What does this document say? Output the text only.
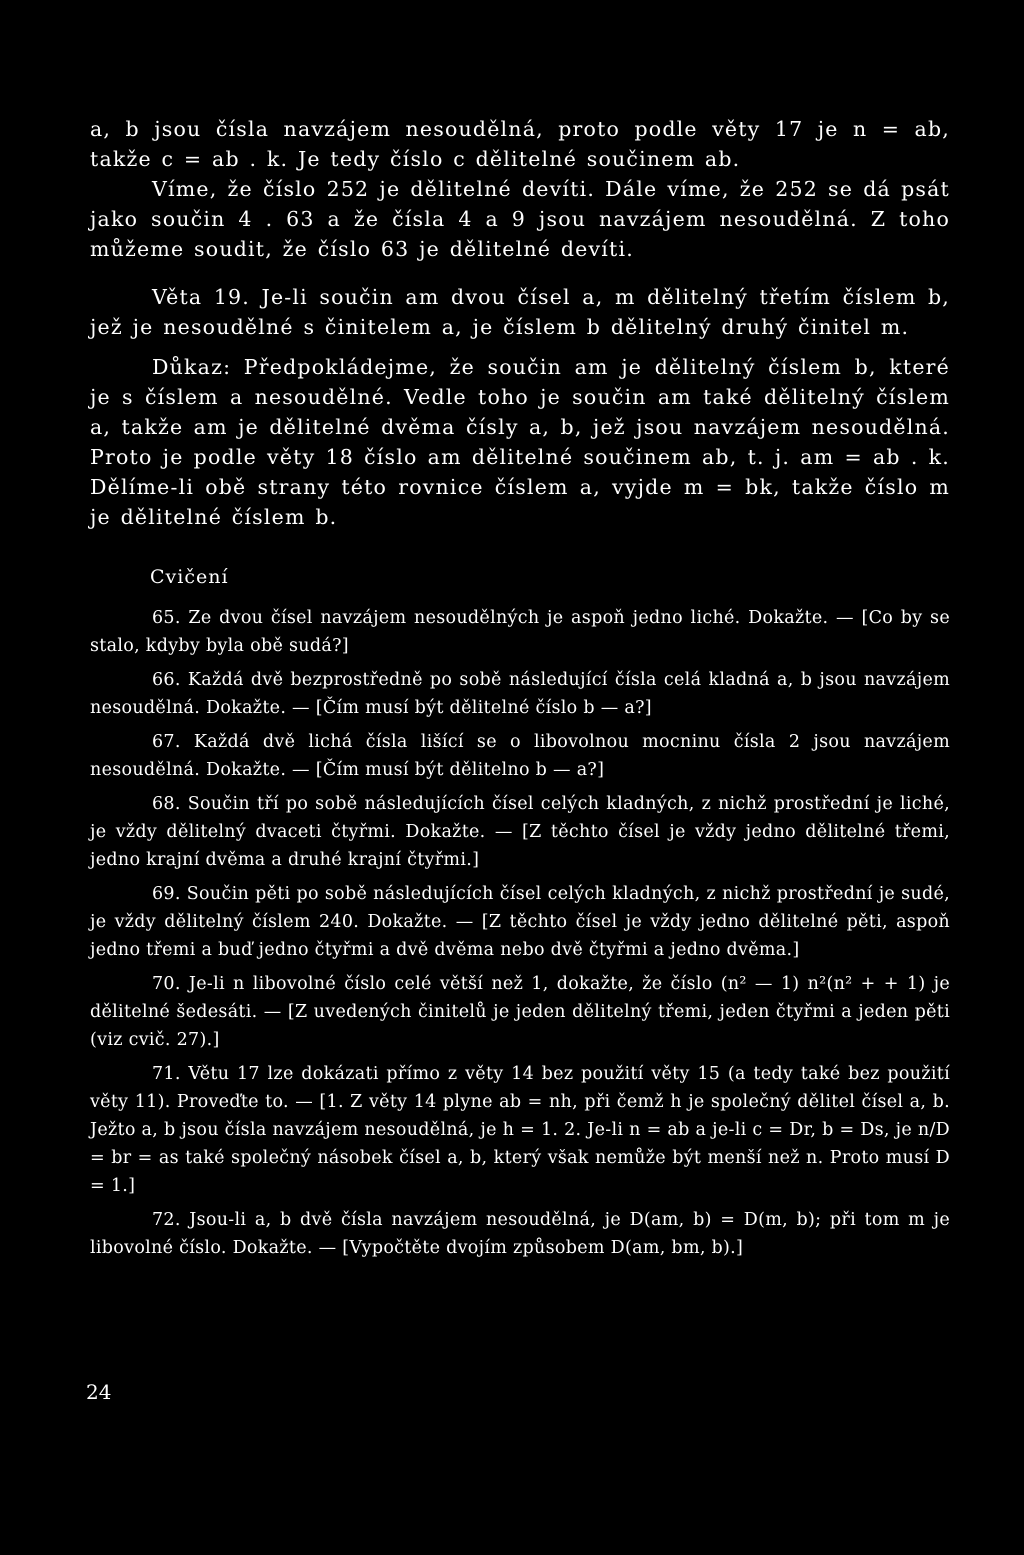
a, b jsou čísla navzájem nesoudělná, proto podle věty 17 je n = ab, takže c = ab . k. Je tedy číslo c dělitelné součinem ab.

Víme, že číslo 252 je dělitelné devíti. Dále víme, že 252 se dá psát jako součin 4 . 63 a že čísla 4 a 9 jsou navzájem nesoudělná. Z toho můžeme soudit, že číslo 63 je dělitelné devíti.

Věta 19. Je-li součin am dvou čísel a, m dělitelný třetím číslem b, jež je nesoudělné s činitelem a, je číslem b dělitelný druhý činitel m.

Důkaz: Předpokládejme, že součin am je dělitelný číslem b, které je s číslem a nesoudělné. Vedle toho je součin am také dělitelný číslem a, takže am je dělitelné dvěma čísly a, b, jež jsou navzájem nesoudělná. Proto je podle věty 18 číslo am dělitelné součinem ab, t. j. am = ab . k. Dělíme-li obě strany této rovnice číslem a, vyjde m = bk, takže číslo m je dělitelné číslem b.

Cvičení

65. Ze dvou čísel navzájem nesoudělných je aspoň jedno liché. Dokažte. — [Co by se stalo, kdyby byla obě sudá?]

66. Každá dvě bezprostředně po sobě následující čísla celá kladná a, b jsou navzájem nesoudělná. Dokažte. — [Čím musí být dělitelné číslo b — a?]

67. Každá dvě lichá čísla lišící se o libovolnou mocninu čísla 2 jsou navzájem nesoudělná. Dokažte. — [Čím musí být dělitelno b — a?]

68. Součin tří po sobě následujících čísel celých kladných, z nichž prostřední je liché, je vždy dělitelný dvaceti čtyřmi. Dokažte. — [Z těchto čísel je vždy jedno dělitelné třemi, jedno krajní dvěma a druhé krajní čtyřmi.]

69. Součin pěti po sobě následujících čísel celých kladných, z nichž prostřední je sudé, je vždy dělitelný číslem 240. Dokažte. — [Z těchto čísel je vždy jedno dělitelné pěti, aspoň jedno třemi a buď jedno čtyřmi a dvě dvěma nebo dvě čtyřmi a jedno dvěma.]

70. Je-li n libovolné číslo celé větší než 1, dokažte, že číslo (n² — 1) n²(n² + + 1) je dělitelné šedesáti. — [Z uvedených činitelů je jeden dělitelný třemi, jeden čtyřmi a jeden pěti (viz cvič. 27).]

71. Větu 17 lze dokázati přímo z věty 14 bez použití věty 15 (a tedy také bez použití věty 11). Proveďte to. — [1. Z věty 14 plyne ab = nh, při čemž h je společný dělitel čísel a, b. Ježto a, b jsou čísla navzájem nesoudělná, je h = 1. 2. Je-li n = ab a je-li c = Dr, b = Ds, je n/D = br = as také společný násobek čísel a, b, který však nemůže být menší než n. Proto musí D = 1.]

72. Jsou-li a, b dvě čísla navzájem nesoudělná, je D(am, b) = D(m, b); při tom m je libovolné číslo. Dokažte. — [Vypočtěte dvojím způsobem D(am, bm, b).]

24
